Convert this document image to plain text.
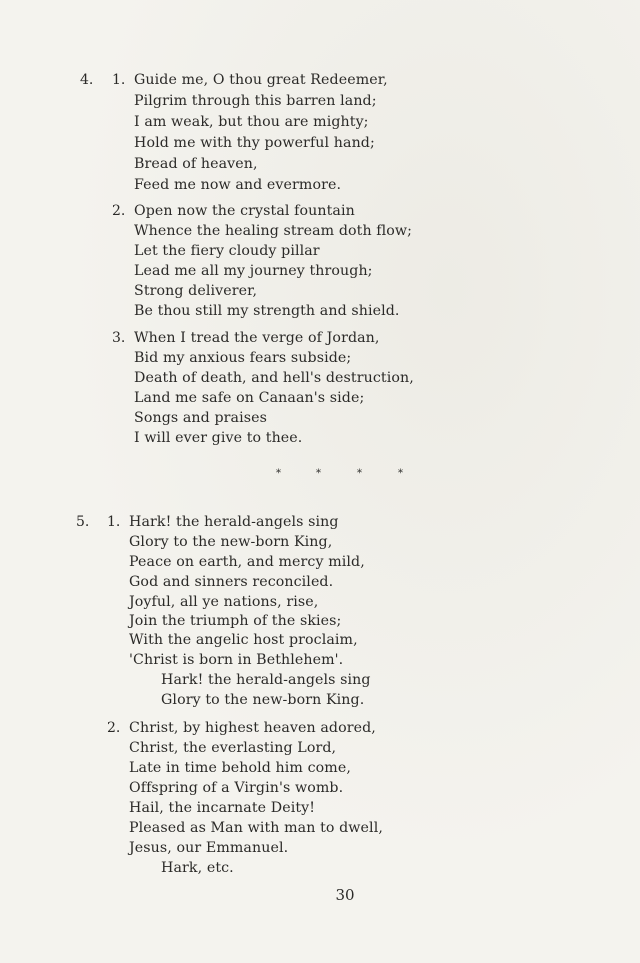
4. 1. Guide me, O thou great Redeemer,
Pilgrim through this barren land;
I am weak, but thou are mighty;
Hold me with thy powerful hand;
Bread of heaven,
Feed me now and evermore.
2. Open now the crystal fountain
Whence the healing stream doth flow;
Let the fiery cloudy pillar
Lead me all my journey through;
Strong deliverer,
Be thou still my strength and shield.
3. When I tread the verge of Jordan,
Bid my anxious fears subside;
Death of death, and hell's destruction,
Land me safe on Canaan's side;
Songs and praises
I will ever give to thee.
*	*	*	*
5. 1. Hark! the herald-angels sing
Glory to the new-born King,
Peace on earth, and mercy mild,
God and sinners reconciled.
Joyful, all ye nations, rise,
Join the triumph of the skies;
With the angelic host proclaim,
'Christ is born in Bethlehem'.
Hark! the herald-angels sing
Glory to the new-born King.
2. Christ, by highest heaven adored,
Christ, the everlasting Lord,
Late in time behold him come,
Offspring of a Virgin's womb.
Hail, the incarnate Deity!
Pleased as Man with man to dwell,
Jesus, our Emmanuel.
Hark, etc.
30
